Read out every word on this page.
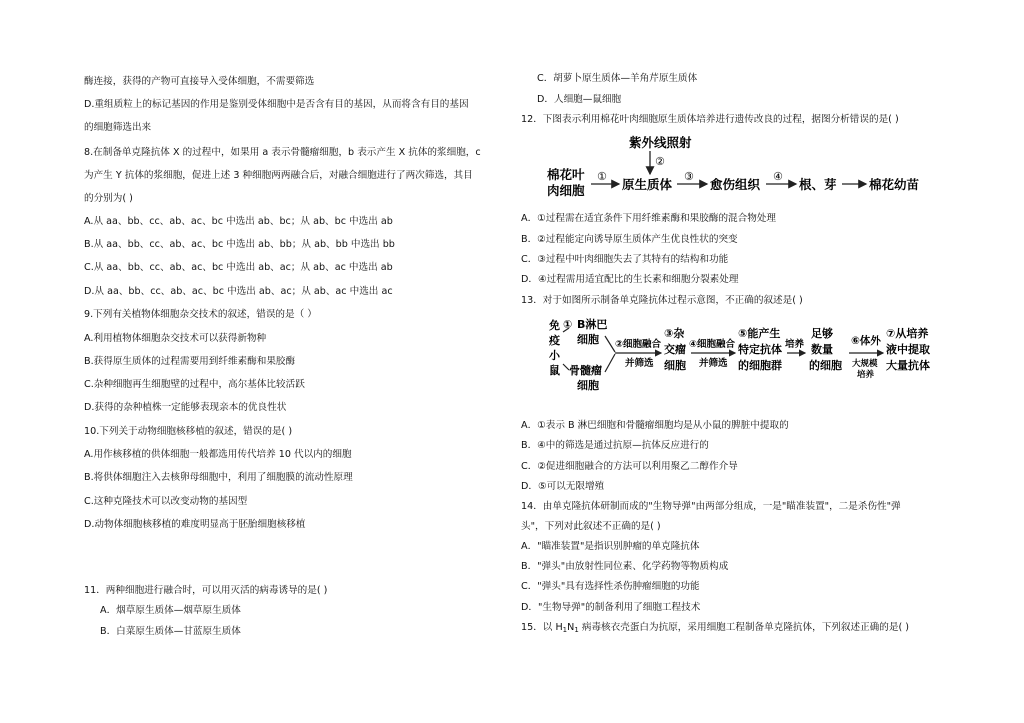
酶连接，获得的产物可直接导入受体细胞，不需要筛选
D.重组质粒上的标记基因的作用是鉴别受体细胞中是否含有目的基因，从而将含有目的基因
的细胞筛选出来
8.在制备单克隆抗体 X 的过程中，如果用 a 表示骨髓瘤细胞，b 表示产生 X 抗体的浆细胞，c
为产生 Y 抗体的浆细胞，促进上述 3 种细胞两两融合后，对融合细胞进行了两次筛选，其目
的分别为( )
A.从 aa、bb、cc、ab、ac、bc 中选出 ab、bc；从 ab、bc 中选出 ab
B.从 aa、bb、cc、ab、ac、bc 中选出 ab、bb；从 ab、bb 中选出 bb
C.从 aa、bb、cc、ab、ac、bc 中选出 ab、ac；从 ab、ac 中选出 ab
D.从 aa、bb、cc、ab、ac、bc 中选出 ab、ac；从 ab、ac 中选出 ac
9.下列有关植物体细胞杂交技术的叙述，错误的是（ ）
A.利用植物体细胞杂交技术可以获得新物种
B.获得原生质体的过程需要用到纤维素酶和果胶酶
C.杂种细胞再生细胞壁的过程中，高尔基体比较活跃
D.获得的杂种植株一定能够表现亲本的优良性状
10.下列关于动物细胞核移植的叙述，错误的是( )
A.用作核移植的供体细胞一般都选用传代培养 10 代以内的细胞
B.将供体细胞注入去核卵母细胞中，利用了细胞膜的流动性原理
C.这种克隆技术可以改变动物的基因型
D.动物体细胞核移植的难度明显高于胚胎细胞核移植
11．两种细胞进行融合时，可以用灭活的病毒诱导的是( )
A．烟草原生质体—烟草原生质体
B．白菜原生质体—甘蓝原生质体
C．胡萝卜原生质体—羊角芹原生质体
D．人细胞—鼠细胞
12．下图表示利用棉花叶肉细胞原生质体培养进行遗传改良的过程，据图分析错误的是( )
紫外线照射
②
棉花叶
肉细胞
①
原生质体
③
愈伤组织
④
根、芽	棉花幼苗
A．①过程需在适宜条件下用纤维素酶和果胶酶的混合物处理
B．②过程能定向诱导原生质体产生优良性状的突变
C．③过程中叶肉细胞失去了其特有的结构和功能
D．④过程需用适宜配比的生长素和细胞分裂素处理
13．对于如图所示制备单克隆抗体过程示意图，不正确的叙述是( )
免
疫
小
鼠
① B淋巴
细胞
骨髓瘤
细胞
②细胞融合
并筛选
③杂
交瘤
细胞
④细胞融合
并筛选
⑤能产生
特定抗体
的细胞群
培养
足够
数量
的细胞
⑥体外
大规模
培养
⑦从培养
液中提取
大量抗体
A．①表示 B 淋巴细胞和骨髓瘤细胞均是从小鼠的脾脏中提取的
B．④中的筛选是通过抗原—抗体反应进行的
C．②促进细胞融合的方法可以利用聚乙二醇作介导
D．⑤可以无限增殖
14．由单克隆抗体研制而成的"生物导弹"由两部分组成，一是"瞄准装置"，二是杀伤性"弹
头"，下列对此叙述不正确的是( )
A．"瞄准装置"是指识别肿瘤的单克隆抗体
B．"弹头"由放射性同位素、化学药物等物质构成
C．"弹头"具有选择性杀伤肿瘤细胞的功能
D．"生物导弹"的制备利用了细胞工程技术
15．以 $H_1N_1$ 病毒核衣壳蛋白为抗原，采用细胞工程制备单克隆抗体，下列叙述正确的是( )
